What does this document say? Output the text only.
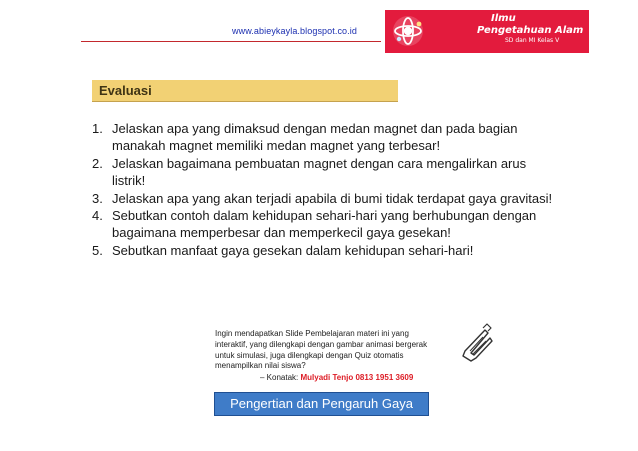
www.abieykayla.blogspot.co.id
Ilmu
Pengetahuan Alam
SD dan MI Kelas V
Evaluasi
1. Jelaskan apa yang dimaksud dengan medan magnet dan pada bagian manakah magnet memiliki medan magnet yang terbesar!
2. Jelaskan bagaimana pembuatan magnet dengan cara mengalirkan arus listrik!
3. Jelaskan apa yang akan terjadi apabila di bumi tidak terdapat gaya gravitasi!
4. Sebutkan contoh dalam kehidupan sehari-hari yang berhubungan dengan bagaimana memperbesar dan memperkecil gaya gesekan!
5. Sebutkan manfaat gaya gesekan dalam kehidupan sehari-hari!

Ingin mendapatkan Slide Pembelajaran materi ini yang

interaktif, yang dilengkapi dengan gambar animasi bergerak

untuk simulasi, juga dilengkapi dengan Quiz otomatis

menampilkan nilai siswa?

– Konatak: Mulyadi Tenjo 0813 1951 3609
Pengertian dan Pengaruh Gaya
